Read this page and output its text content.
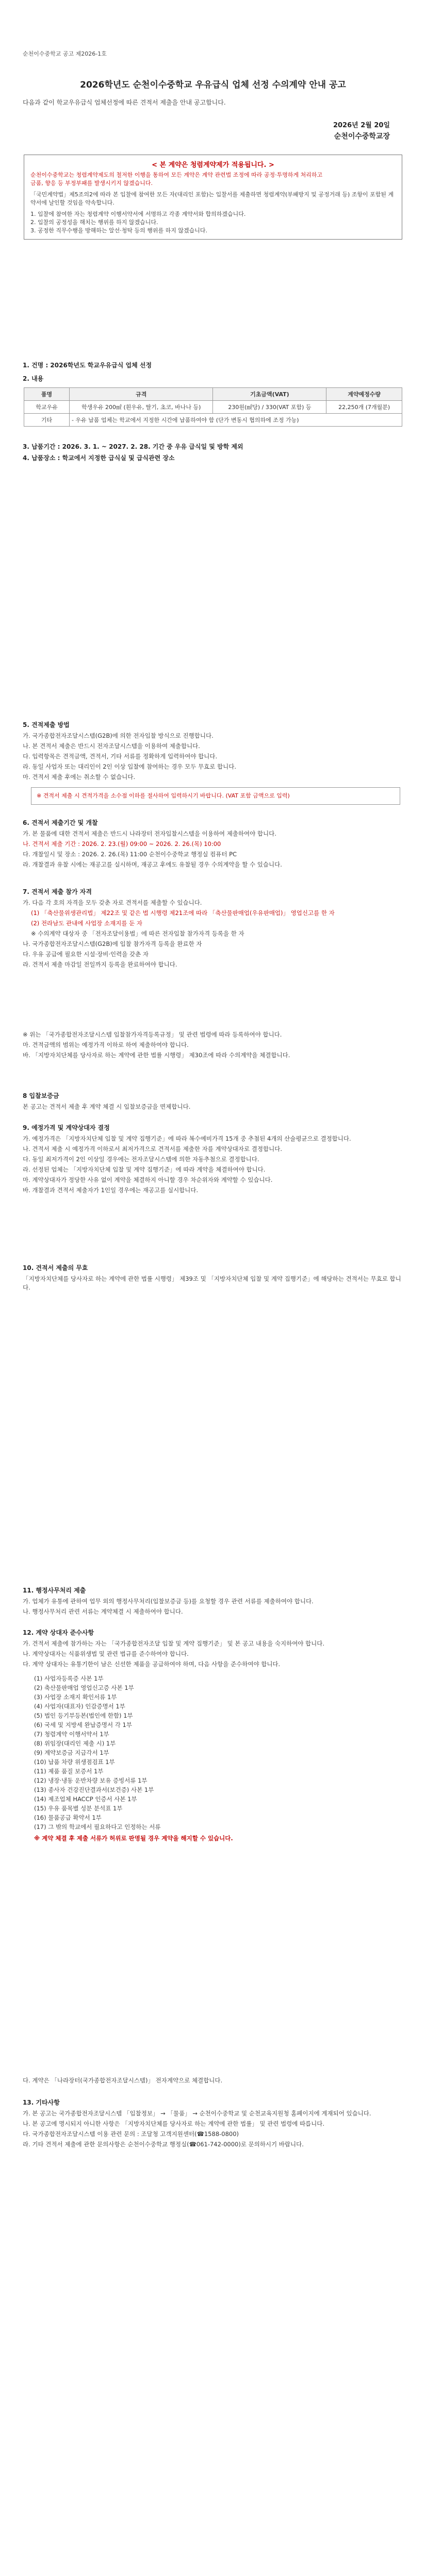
순천이수중학교 공고 제2026-1호
2026학년도 순천이수중학교 우유급식 업체 선정 수의계약 안내 공고
다음과 같이 학교우유급식 업체선정에 따른 견적서 제출을 안내 공고합니다.
2026년 2월 20일
순천이수중학교장
< 본 계약은 청렴계약제가 적용됩니다. >
순천이수중학교는 청렴계약제도의 철저한 이행을 통하여 모든 계약은 계약 관련법 조정에 따라 공정·투명하게 처리하고
금품, 향응 등 부정부패를 발생시키지 않겠습니다.
「국민계약법」제5조의2에 따라 본 입찰에 참여한 모든 자(대리인 포함)는 입찰서를 제출하면 청렴계약(부패방지 및 공정거래 등) 조항이 포함된 계약서에 날인할 것임을 약속합니다.
1. 입찰에 참여한 자는 청렴계약 이행서약서에 서명하고 각종 계약서와 합의하겠습니다.
2. 입찰의 공정성을 해치는 행위를 하지 않겠습니다.
3. 공정한 직무수행을 방해하는 알선·청탁 등의 행위를 하지 않겠습니다.
1. 건명 : 2026학년도 학교우유급식 업체 선정
2. 내용
품명	규격	기초금액(VAT)	계약예정수량
학교우유	학생우유 200㎖ (흰우유, 딸기, 초코, 바나나 등)	230원(㎖당) / 330(VAT 포함) 등	22,250개 (7개월분)
기타	- 우유 납품 업체는 학교에서 지정한 시간에 납품하여야 함 (단가 변동시 협의하에 조정 가능)		
3. 납품기간 : 2026. 3. 1. ~ 2027. 2. 28. 기간 중 우유 급식일 및 방학 제외
4. 납품장소 : 학교에서 지정한 급식실 및 급식관련 장소
5. 견적제출 방법
가. 국가종합전자조달시스템(G2B)에 의한 전자입찰 방식으로 진행합니다.
나. 본 견적서 제출은 반드시 전자조달시스템을 이용하여 제출합니다.
다. 입력항목은 견적금액, 견적서, 기타 서류를 정확하게 입력하여야 합니다.
라. 동일 사업자 또는 대리인이 2인 이상 입찰에 참여하는 경우 모두 무효로 합니다.
마. 견적서 제출 후에는 취소할 수 없습니다.
※ 견적서 제출 시 견적가격을 소수점 이하를 절사하여 입력하시기 바랍니다. (VAT 포함 금액으로 입력)
6. 견적서 제출기간 및 개찰
가. 본 물품에 대한 견적서 제출은 반드시 나라장터 전자입찰시스템을 이용하여 제출하여야 합니다.
나. 견적서 제출 기간 : 2026. 2. 23.(월) 09:00 ~ 2026. 2. 26.(목) 10:00
다. 개찰일시 및 장소 : 2026. 2. 26.(목) 11:00 순천이수중학교 행정실 컴퓨터 PC
라. 개찰결과 유찰 시에는 재공고를 실시하며, 재공고 후에도 유찰될 경우 수의계약을 할 수 있습니다.
7. 견적서 제출 참가 자격
가. 다음 각 호의 자격을 모두 갖춘 자로 견적서를 제출할 수 있습니다.
(1) 「축산물위생관리법」 제22조 및 같은 법 시행령 제21조에 따라 「축산물판매업(우유판매업)」 영업신고를 한 자
(2) 전라남도 관내에 사업장 소재지를 둔 자
※ 수의계약 대상자 중 「전자조달이용법」에 따른 전자입찰 참가자격 등록을 한 자
나. 국가종합전자조달시스템(G2B)에 입찰 참가자격 등록을 완료한 자
다. 우유 공급에 필요한 시설·장비·인력을 갖춘 자
라. 견적서 제출 마감일 전일까지 등록을 완료하여야 합니다.
※ 위는 「국가종합전자조달시스템 입찰참가자격등록규정」 및 관련 법령에 따라 등록하여야 합니다.
마. 견적금액의 범위는 예정가격 이하로 하여 제출하여야 합니다.
바. 「지방자치단체를 당사자로 하는 계약에 관한 법률 시행령」 제30조에 따라 수의계약을 체결합니다.
8 입찰보증금
본 공고는 견적서 제출 후 계약 체결 시 입찰보증금을 면제합니다.
9. 예정가격 및 계약상대자 결정
가. 예정가격은 「지방자치단체 입찰 및 계약 집행기준」에 따라 복수예비가격 15개 중 추첨된 4개의 산술평균으로 결정합니다.
나. 견적서 제출 시 예정가격 이하로서 최저가격으로 견적서를 제출한 자를 계약상대자로 결정합니다.
다. 동일 최저가격이 2인 이상일 경우에는 전자조달시스템에 의한 자동추첨으로 결정합니다.
라. 선정된 업체는 「지방자치단체 입찰 및 계약 집행기준」에 따라 계약을 체결하여야 합니다.
마. 계약상대자가 정당한 사유 없이 계약을 체결하지 아니할 경우 차순위자와 계약할 수 있습니다.
바. 개찰결과 견적서 제출자가 1인일 경우에는 재공고를 실시합니다.
10. 견적서 제출의 무효
「지방자치단체를 당사자로 하는 계약에 관한 법률 시행령」 제39조 및 「지방자치단체 입찰 및 계약 집행기준」에 해당하는 견적서는 무효로 합니다.
11. 행정사무처리 제출
가. 업체가 유통에 관하여 업무 외의 행정사무처리(입찰보증금 등)를 요청할 경우 관련 서류를 제출하여야 합니다.
나. 행정사무처리 관련 서류는 계약체결 시 제출하여야 합니다.
12. 계약 상대자 준수사항
가. 견적서 제출에 참가하는 자는 「국가종합전자조달 입찰 및 계약 집행기준」 및 본 공고 내용을 숙지하여야 합니다.
나. 계약상대자는 식품위생법 및 관련 법규를 준수하여야 합니다.
다. 계약 상대자는 유통기한이 남은 신선한 제품을 공급하여야 하며, 다음 사항을 준수하여야 합니다.
(1) 사업자등록증 사본 1부
(2) 축산물판매업 영업신고증 사본 1부
(3) 사업장 소재지 확인서류 1부
(4) 사업자(대표자) 인감증명서 1부
(5) 법인 등기부등본(법인에 한함) 1부
(6) 국세 및 지방세 완납증명서 각 1부
(7) 청렴계약 이행서약서 1부
(8) 위임장(대리인 제출 시) 1부
(9) 계약보증금 지급각서 1부
(10) 납품 차량 위생점검표 1부
(11) 제품 품질 보증서 1부
(12) 냉장·냉동 운반차량 보유 증빙서류 1부
(13) 종사자 건강진단결과서(보건증) 사본 1부
(14) 제조업체 HACCP 인증서 사본 1부
(15) 우유 품목별 성분 분석표 1부
(16) 물품공급 확약서 1부
(17) 그 밖의 학교에서 필요하다고 인정하는 서류
※ 계약 체결 후 제출 서류가 허위로 판명될 경우 계약을 해지할 수 있습니다.
다. 계약은 「나라장터(국가종합전자조달시스템)」 전자계약으로 체결합니다.
13. 기타사항
가. 본 공고는 국가종합전자조달시스템 「입찰정보」 → 「물품」 → 순천이수중학교 및 순천교육지원청 홈페이지에 게재되어 있습니다.
나. 본 공고에 명시되지 아니한 사항은 「지방자치단체를 당사자로 하는 계약에 관한 법률」 및 관련 법령에 따릅니다.
다. 국가종합전자조달시스템 이용 관련 문의 : 조달청 고객지원센터(☎1588-0800)
라. 기타 견적서 제출에 관한 문의사항은 순천이수중학교 행정실(☎061-742-0000)로 문의하시기 바랍니다.
